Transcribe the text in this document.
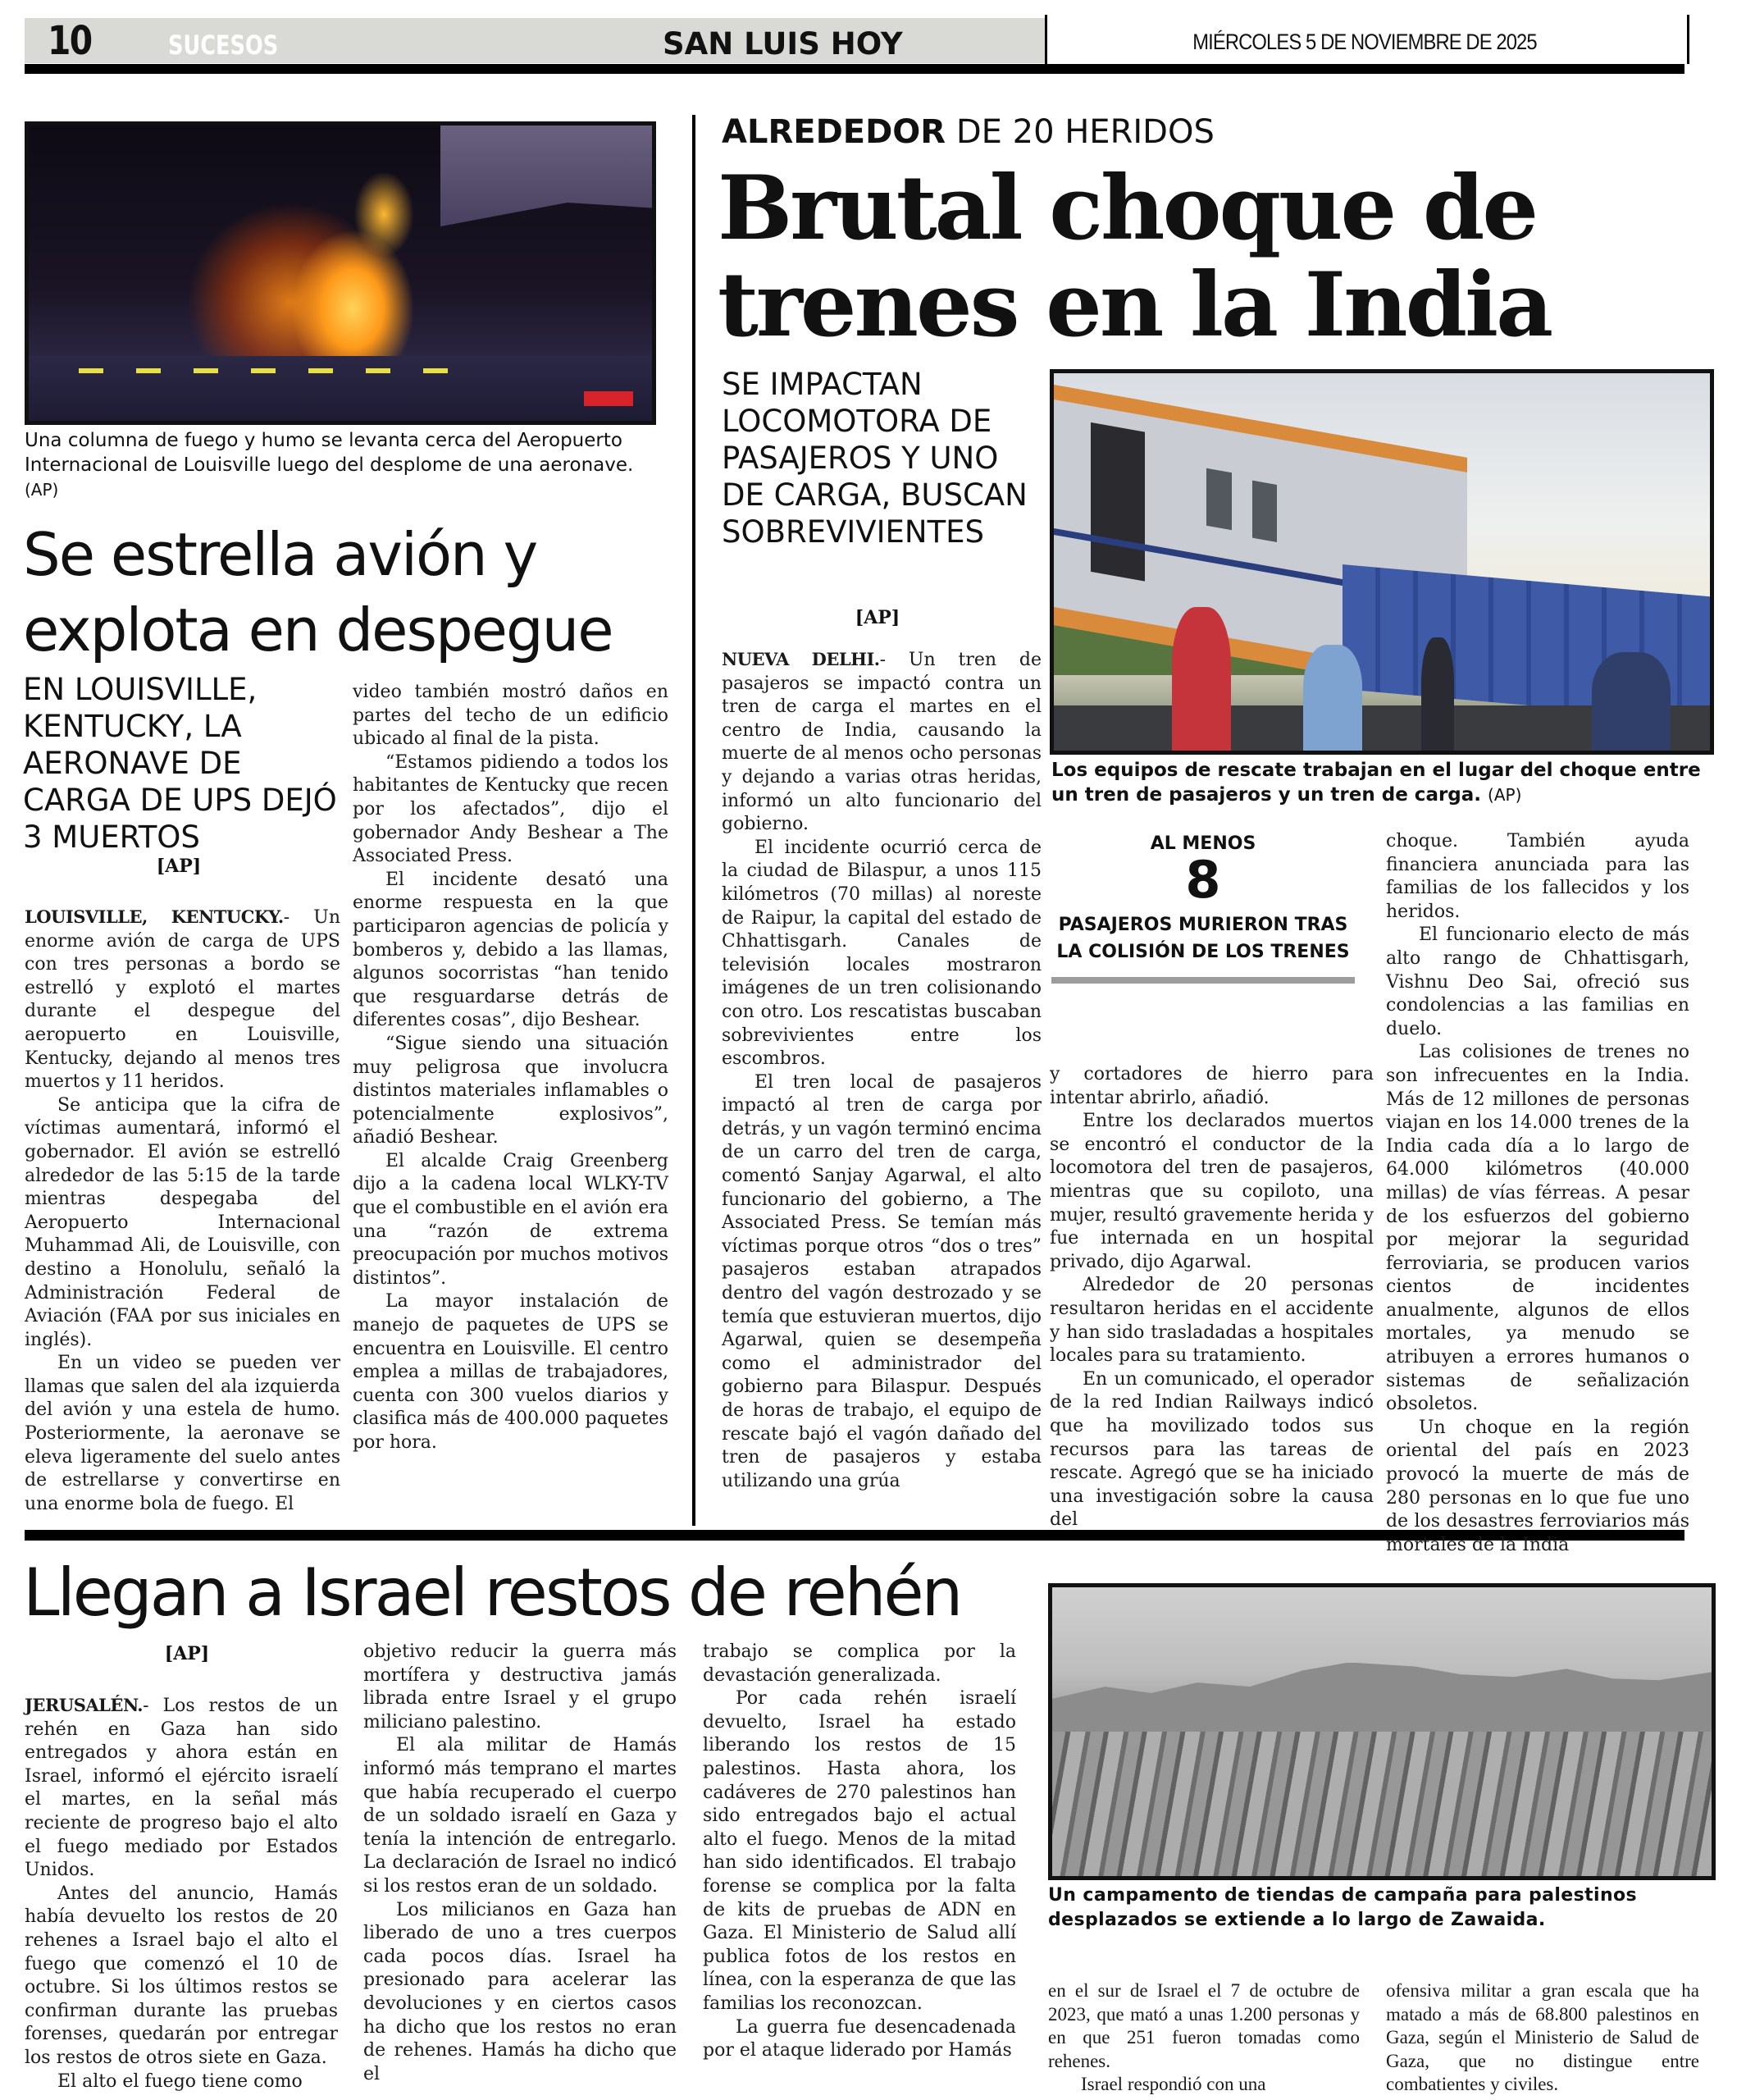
10	SUCESOS	SAN LUIS HOY	MIÉRCOLES 5 DE NOVIEMBRE DE 2025
Una columna de fuego y humo se levanta cerca del Aeropuerto Internacional de Louisville luego del desplome de una aeronave.
(AP)
Se estrella avión y explota en despegue
EN LOUISVILLE, KENTUCKY, LA AERONAVE DE CARGA DE UPS DEJÓ 3 MUERTOS
[AP]

LOUISVILLE, KENTUCKY.- Un enorme avión de carga de UPS con tres personas a bordo se estrelló y explotó el martes durante el despegue del aeropuerto en Louisville, Kentucky, dejando al menos tres muertos y 11 heridos.

Se anticipa que la cifra de víctimas aumentará, informó el gobernador. El avión se estrelló alrededor de las 5:15 de la tarde mientras despegaba del Aeropuerto Internacional Muhammad Ali, de Louisville, con destino a Honolulu, señaló la Administración Federal de Aviación (FAA por sus iniciales en inglés).

En un video se pueden ver llamas que salen del ala izquierda del avión y una estela de humo. Posteriormente, la aeronave se eleva ligeramente del suelo antes de estrellarse y convertirse en una enorme bola de fuego. El

video también mostró daños en partes del techo de un edificio ubicado al final de la pista.

“Estamos pidiendo a todos los habitantes de Kentucky que recen por los afectados”, dijo el gobernador Andy Beshear a The Associated Press.

El incidente desató una enorme respuesta en la que participaron agencias de policía y bomberos y, debido a las llamas, algunos socorristas “han tenido que resguardarse detrás de diferentes cosas”, dijo Beshear.

“Sigue siendo una situación muy peligrosa que involucra distintos materiales inflamables o potencialmente explosivos”, añadió Beshear.

El alcalde Craig Greenberg dijo a la cadena local WLKY-TV que el combustible en el avión era una “razón de extrema preocupación por muchos motivos distintos”.

La mayor instalación de manejo de paquetes de UPS se encuentra en Louisville. El centro emplea a millas de trabajadores, cuenta con 300 vuelos diarios y clasifica más de 400.000 paquetes por hora.

ALREDEDOR DE 20 HERIDOS
Brutal choque de trenes en la India
SE IMPACTAN LOCOMOTORA DE PASAJEROS Y UNO DE CARGA, BUSCAN SOBREVIVIENTES
[AP]
Los equipos de rescate trabajan en el lugar del choque entre un tren de pasajeros y un tren de carga. (AP)

NUEVA DELHI.- Un tren de pasajeros se impactó contra un tren de carga el martes en el centro de India, causando la muerte de al menos ocho personas y dejando a varias otras heridas, informó un alto funcionario del gobierno.

El incidente ocurrió cerca de la ciudad de Bilaspur, a unos 115 kilómetros (70 millas) al noreste de Raipur, la capital del estado de Chhattisgarh. Canales de televisión locales mostraron imágenes de un tren colisionando con otro. Los rescatistas buscaban sobrevivientes entre los escombros.

El tren local de pasajeros impactó al tren de carga por detrás, y un vagón terminó encima de un carro del tren de carga, comentó Sanjay Agarwal, el alto funcionario del gobierno, a The Associated Press. Se temían más víctimas porque otros “dos o tres” pasajeros estaban atrapados dentro del vagón destrozado y se temía que estuvieran muertos, dijo Agarwal, quien se desempeña como el administrador del gobierno para Bilaspur. Después de horas de trabajo, el equipo de rescate bajó el vagón dañado del tren de pasajeros y estaba utilizando una grúa

AL MENOS
8
PASAJEROS MURIERON TRAS LA COLISIÓN DE LOS TRENES

y cortadores de hierro para intentar abrirlo, añadió.

Entre los declarados muertos se encontró el conductor de la locomotora del tren de pasajeros, mientras que su copiloto, una mujer, resultó gravemente herida y fue internada en un hospital privado, dijo Agarwal.

Alrededor de 20 personas resultaron heridas en el accidente y han sido trasladadas a hospitales locales para su tratamiento.

En un comunicado, el operador de la red Indian Railways indicó que ha movilizado todos sus recursos para las tareas de rescate. Agregó que se ha iniciado una investigación sobre la causa del

choque. También ayuda financiera anunciada para las familias de los fallecidos y los heridos.

El funcionario electo de más alto rango de Chhattisgarh, Vishnu Deo Sai, ofreció sus condolencias a las familias en duelo.

Las colisiones de trenes no son infrecuentes en la India. Más de 12 millones de personas viajan en los 14.000 trenes de la India cada día a lo largo de 64.000 kilómetros (40.000 millas) de vías férreas. A pesar de los esfuerzos del gobierno por mejorar la seguridad ferroviaria, se producen varios cientos de incidentes anualmente, algunos de ellos mortales, ya menudo se atribuyen a errores humanos o sistemas de señalización obsoletos.

Un choque en la región oriental del país en 2023 provocó la muerte de más de 280 personas en lo que fue uno de los desastres ferroviarios más mortales de la India

Llegan a Israel restos de rehén
[AP]

JERUSALÉN.- Los restos de un rehén en Gaza han sido entregados y ahora están en Israel, informó el ejército israelí el martes, en la señal más reciente de progreso bajo el alto el fuego mediado por Estados Unidos.

Antes del anuncio, Hamás había devuelto los restos de 20 rehenes a Israel bajo el alto el fuego que comenzó el 10 de octubre. Si los últimos restos se confirman durante las pruebas forenses, quedarán por entregar los restos de otros siete en Gaza.

El alto el fuego tiene como

objetivo reducir la guerra más mortífera y destructiva jamás librada entre Israel y el grupo miliciano palestino.

El ala militar de Hamás informó más temprano el martes que había recuperado el cuerpo de un soldado israelí en Gaza y tenía la intención de entregarlo. La declaración de Israel no indicó si los restos eran de un soldado.

Los milicianos en Gaza han liberado de uno a tres cuerpos cada pocos días. Israel ha presionado para acelerar las devoluciones y en ciertos casos ha dicho que los restos no eran de rehenes. Hamás ha dicho que el

trabajo se complica por la devastación generalizada.

Por cada rehén israelí devuelto, Israel ha estado liberando los restos de 15 palestinos. Hasta ahora, los cadáveres de 270 palestinos han sido entregados bajo el actual alto el fuego. Menos de la mitad han sido identificados. El trabajo forense se complica por la falta de kits de pruebas de ADN en Gaza. El Ministerio de Salud allí publica fotos de los restos en línea, con la esperanza de que las familias los reconozcan.

La guerra fue desencadenada por el ataque liderado por Hamás

Un campamento de tiendas de campaña para palestinos desplazados se extiende a lo largo de Zawaida.

en el sur de Israel el 7 de octubre de 2023, que mató a unas 1.200 personas y en que 251 fueron tomadas como rehenes.

Israel respondió con una

ofensiva militar a gran escala que ha matado a más de 68.800 palestinos en Gaza, según el Ministerio de Salud de Gaza, que no distingue entre combatientes y civiles.
